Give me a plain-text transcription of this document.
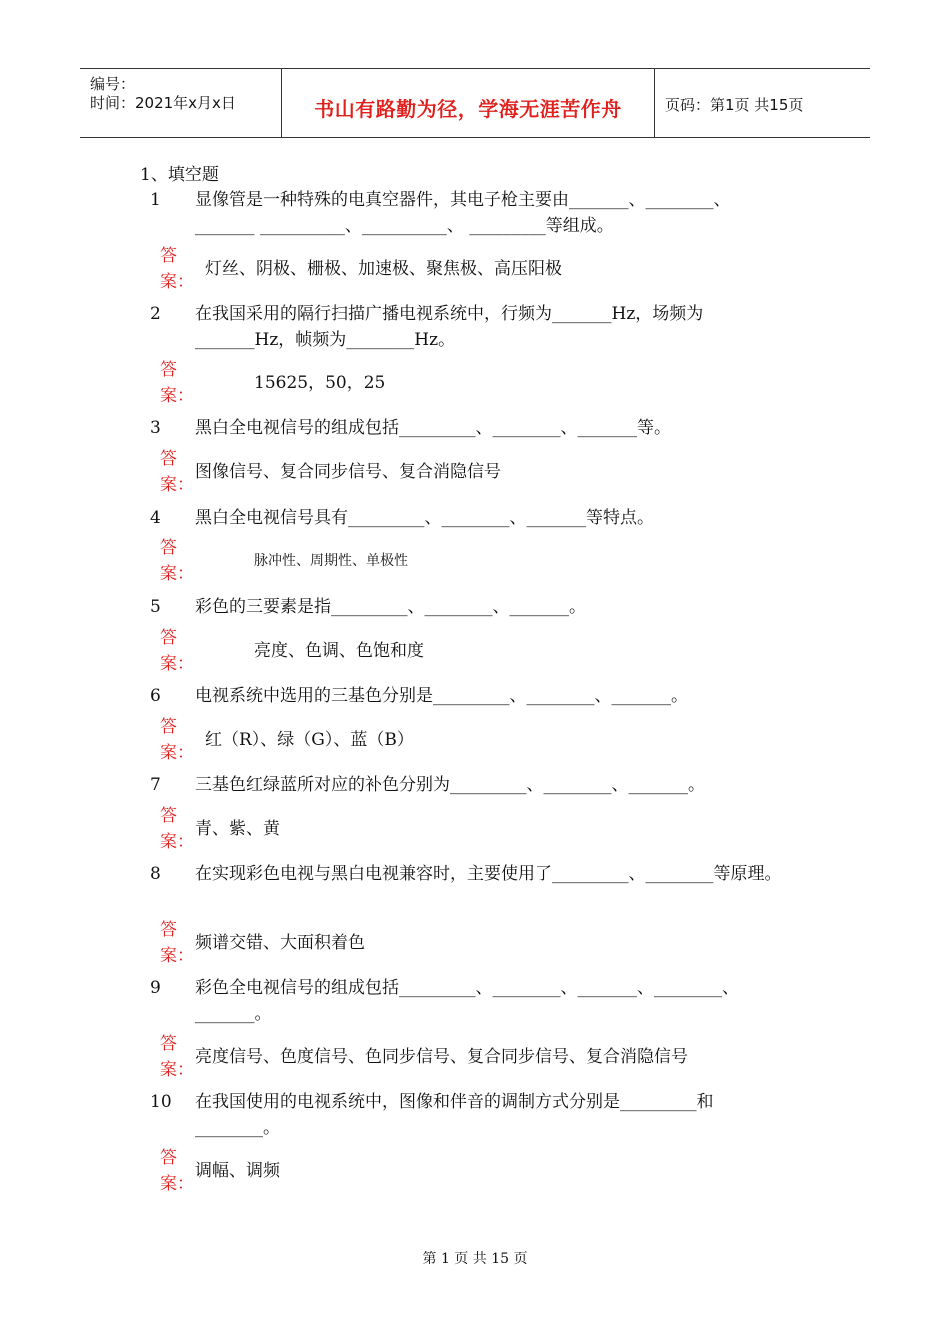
编号：
时间：2021年x月x日	书山有路勤为径，学海无涯苦作舟	页码：第1页 共15页
1、填空题
1	显像管是一种特殊的电真空器件，其电子枪主要由_______、________、 _______ __________、__________、 _________等组成。
答案：
灯丝、阴极、栅极、加速极、聚焦极、高压阳极
2	在我国采用的隔行扫描广播电视系统中，行频为_______Hz，场频为_______Hz，帧频为________Hz。
答案：
15625，50，25
3	黑白全电视信号的组成包括_________、________、_______等。
答案：
图像信号、复合同步信号、复合消隐信号
4	黑白全电视信号具有_________、________、_______等特点。
答案：
脉冲性、周期性、单极性
5	彩色的三要素是指_________、________、_______。
答案：
亮度、色调、色饱和度
6	电视系统中选用的三基色分别是_________、________、_______。
答案：
红（R）、绿（G）、蓝（B）
7	三基色红绿蓝所对应的补色分别为_________、________、_______。
答案：
青、紫、黄
8	在实现彩色电视与黑白电视兼容时，主要使用了_________、________等原理。
答案：
频谱交错、大面积着色
9	彩色全电视信号的组成包括_________、________、_______、________、_______。
答案：
亮度信号、色度信号、色同步信号、复合同步信号、复合消隐信号
10	在我国使用的电视系统中，图像和伴音的调制方式分别是_________和________。
答案：
调幅、调频
第 1 页 共 15 页
